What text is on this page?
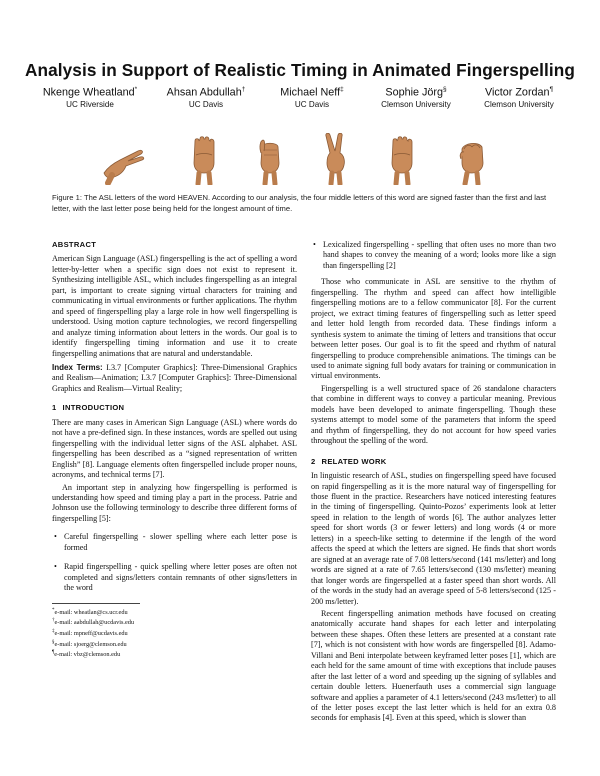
Analysis in Support of Realistic Timing in Animated Fingerspelling
Nkenge Wheatland*
UC Riverside
Ahsan Abdullah†
UC Davis
Michael Neff‡
UC Davis
Sophie Jörg§
Clemson University
Victor Zordan¶
Clemson University
Figure 1: The ASL letters of the word HEAVEN. According to our analysis, the four middle letters of this word are signed faster than the first and last letter, with the last letter pose being held for the longest amount of time.
ABSTRACT

American Sign Language (ASL) fingerspelling is the act of spelling a word letter-by-letter when a specific sign does not exist to represent it. Synthesizing intelligible ASL, which includes fingerspelling as an integral part, is important to create signing virtual characters for training and communicating in virtual environments or further applications. The rhythm and speed of fingerspelling play a large role in how well fingerspelling is understood. Using motion capture technologies, we record fingerspelling and analyze timing information about letters in the words. Our goal is to identify fingerspelling timing information and use it to create fingerspelling animations that are natural and understandable.

Index Terms: I.3.7 [Computer Graphics]: Three-Dimensional Graphics and Realism—Animation; I.3.7 [Computer Graphics]: Three-Dimensional Graphics and Realism—Virtual Reality;
1 INTRODUCTION

There are many cases in American Sign Language (ASL) where words do not have a pre-defined sign. In these instances, words are spelled out using fingerspelling with the individual letter signs of the ASL alphabet. ASL fingerspelling has been described as a “signed representation of written English” [8]. Language elements often fingerspelled include proper nouns, acronyms, and technical terms [7].

An important step in analyzing how fingerspelling is performed is understanding how speed and timing play a part in the process. Patrie and Johnson use the following terminology to describe three different forms of fingerspelling [5]:

• Careful fingerspelling - slower spelling where each letter pose is formed
• Rapid fingerspelling - quick spelling where letter poses are often not completed and signs/letters contain remnants of other signs/letters in the word
*e-mail: wheatlan@cs.ucr.edu
†e-mail: aabdullah@ucdavis.edu
‡e-mail: mpneff@ucdavis.edu
§e-mail: sjoerg@clemson.edu
¶e-mail: vbz@clemson.edu
• Lexicalized fingerspelling - spelling that often uses no more than two hand shapes to convey the meaning of a word; looks more like a sign than fingerspelling [2]

Those who communicate in ASL are sensitive to the rhythm of fingerspelling. The rhythm and speed can affect how intelligible fingerspelling motions are to a fellow communicator [8]. For the current project, we extract timing features of fingerspelling such as letter speed and letter hold length from recorded data. These findings inform a synthesis system to animate the timing of letters and transitions that occur between letter poses. Our goal is to fit the speed and rhythm of natural fingerspelling to produce comprehensible animations. The timings can be used to animate signing full body avatars for training or communication in virtual environments.

Fingerspelling is a well structured space of 26 standalone characters that combine in different ways to convey a particular meaning. Previous models have been developed to animate fingerspelling. Though these systems attempt to model some of the parameters that inform the speed and rhythm of fingerspelling, they do not account for how speed varies throughout the spelling of the word.

2 RELATED WORK

In linguistic research of ASL, studies on fingerspelling speed have focused on rapid fingerspelling as it is the more natural way of fingerspelling for those fluent in the practice. Researchers have noticed interesting features in the timing of fingerspelling. Quinto-Pozos’ experiments look at letter speed in relation to the length of words [6]. The author analyzes letter speed for short words (3 or fewer letters) and long words (4 or more letters) in a speech-like setting to determine if the length of the word affects the speed at which the letters are signed. He finds that short words are signed at an average rate of 7.08 letters/second (141 ms/letter) and long words are signed at a rate of 7.65 letters/second (130 ms/letter) meaning that longer words are fingerspelled at a faster speed than short words. All of the words in the study had an average speed of 5-8 letters/second (125 - 200 ms/letter).

Recent fingerspelling animation methods have focused on creating anatomically accurate hand shapes for each letter and interpolating between these shapes. Often these letters are presented at a constant rate [7], which is not consistent with how words are fingerspelled [8]. Adamo-Villani and Beni interpolate between keyframed letter poses [1], which are each held for the same amount of time with exceptions that include pauses after the last letter of a word and speeding up the signing of syllables and certain double letters. Huenerfauth uses a commercial sign language software and applies a parameter of 4.1 letters/second (243 ms/letter) to all of the letter poses except the last letter which is held for an extra 0.8 seconds for emphasis [4]. Even at this speed, which is slower than
